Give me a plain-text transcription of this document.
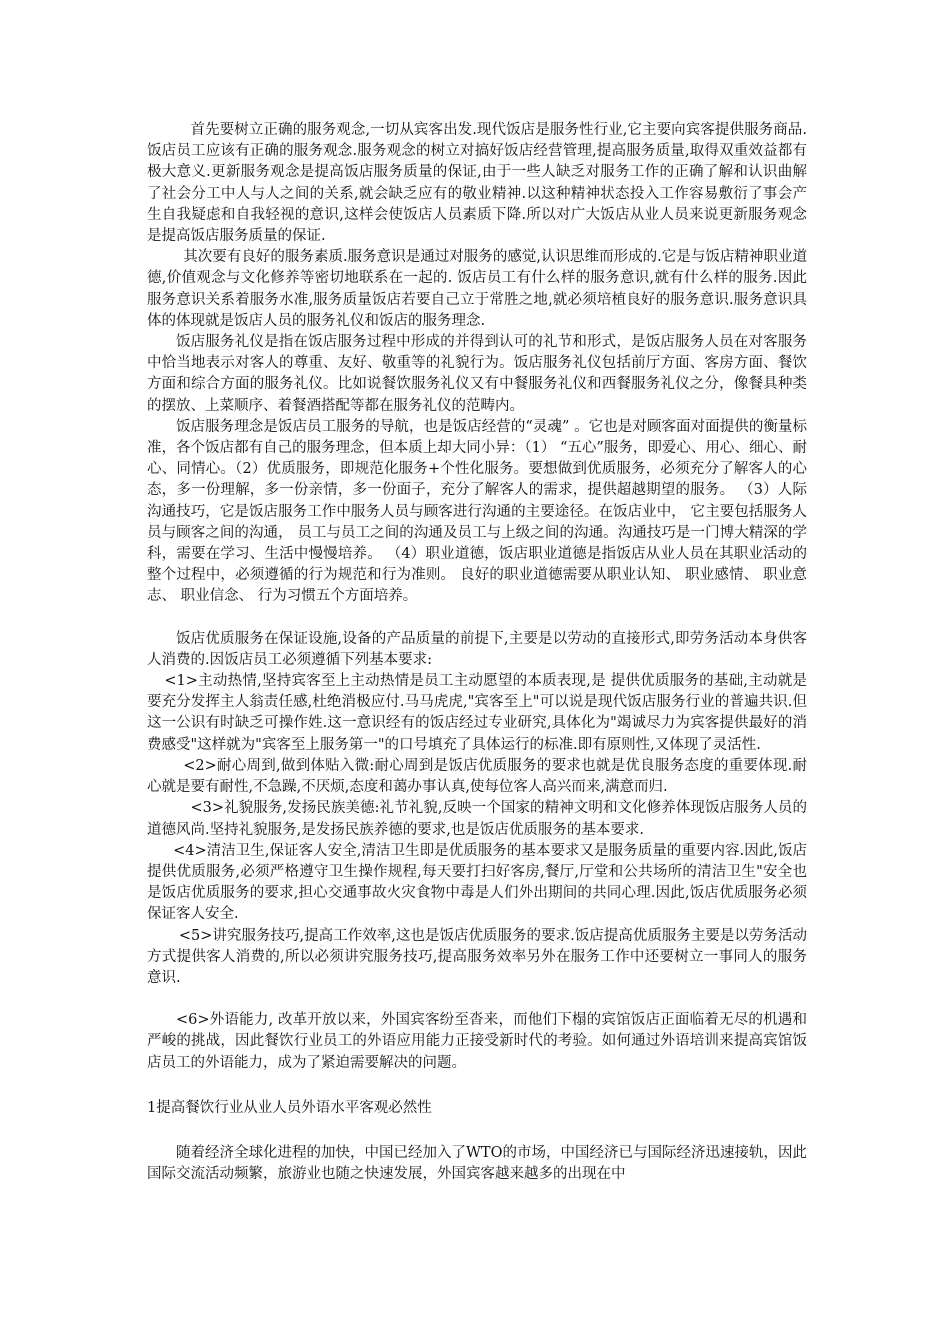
首先要树立正确的服务观念,一切从宾客出发.现代饭店是服务性行业,它主要向宾客提供服务商品.饭店员工应该有正确的服务观念.服务观念的树立对搞好饭店经营管理,提高服务质量,取得双重效益都有极大意义.更新服务观念是提高饭店服务质量的保证,由于一些人缺乏对服务工作的正确了解和认识曲解了社会分工中人与人之间的关系,就会缺乏应有的敬业精神.以这种精神状态投入工作容易敷衍了事会产生自我疑虑和自我轻视的意识,这样会使饭店人员素质下降.所以对广大饭店从业人员来说更新服务观念是提高饭店服务质量的保证.

其次要有良好的服务素质.服务意识是通过对服务的感觉,认识思维而形成的.它是与饭店精神职业道德,价值观念与文化修养等密切地联系在一起的. 饭店员工有什么样的服务意识,就有什么样的服务.因此服务意识关系着服务水准,服务质量饭店若要自己立于常胜之地,就必须培植良好的服务意识.服务意识具体的体现就是饭店人员的服务礼仪和饭店的服务理念.

饭店服务礼仪是指在饭店服务过程中形成的并得到认可的礼节和形式，是饭店服务人员在对客服务中恰当地表示对客人的尊重、友好、敬重等的礼貌行为。饭店服务礼仪包括前厅方面、客房方面、餐饮方面和综合方面的服务礼仪。比如说餐饮服务礼仪又有中餐服务礼仪和西餐服务礼仪之分，像餐具种类的摆放、上菜顺序、着餐酒搭配等都在服务礼仪的范畴内。

饭店服务理念是饭店员工服务的导航，也是饭店经营的“灵魂” 。它也是对顾客面对面提供的衡量标准，各个饭店都有自己的服务理念，但本质上却大同小异：（1） “五心”服务，即爱心、用心、细心、耐心、同情心。（2）优质服务，即规范化服务+个性化服务。要想做到优质服务，必须充分了解客人的心态，多一份理解，多一份亲情，多一份面子，充分了解客人的需求，提供超越期望的服务。 （3）人际沟通技巧，它是饭店服务工作中服务人员与顾客进行沟通的主要途径。在饭店业中， 它主要包括服务人员与顾客之间的沟通， 员工与员工之间的沟通及员工与上级之间的沟通。沟通技巧是一门博大精深的学科，需要在学习、生活中慢慢培养。 （4）职业道德，饭店职业道德是指饭店从业人员在其职业活动的整个过程中，必须遵循的行为规范和行为准则。 良好的职业道德需要从职业认知、 职业感情、 职业意志、 职业信念、 行为习惯五个方面培养。

饭店优质服务在保证设施,设备的产品质量的前提下,主要是以劳动的直接形式,即劳务活动本身供客人消费的.因饭店员工必须遵循下列基本要求:

<1>主动热情,坚持宾客至上主动热情是员工主动愿望的本质表现,是 提供优质服务的基础,主动就是要充分发挥主人翁责任感,杜绝消极应付.马马虎虎,"宾客至上"可以说是现代饭店服务行业的普遍共识.但这一公识有时缺乏可操作姓.这一意识经有的饭店经过专业研究,具体化为"竭诚尽力为宾客提供最好的消费感受"这样就为"宾客至上服务第一"的口号填充了具体运行的标准.即有原则性,又体现了灵活性.

<2>耐心周到,做到体贴入微:耐心周到是饭店优质服务的要求也就是优良服务态度的重要体现.耐心就是要有耐性,不急躁,不厌烦,态度和蔼办事认真,使每位客人高兴而来,满意而归.

<3>礼貌服务,发扬民族美德:礼节礼貌,反映一个国家的精神文明和文化修养体现饭店服务人员的道德风尚.坚持礼貌服务,是发扬民族养德的要求,也是饭店优质服务的基本要求.

<4>清洁卫生,保证客人安全,清洁卫生即是优质服务的基本要求又是服务质量的重要内容.因此,饭店提供优质服务,必须严格遵守卫生操作规程,每天要打扫好客房,餐厅,厅堂和公共场所的清洁卫生"安全也是饭店优质服务的要求,担心交通事故火灾食物中毒是人们外出期间的共同心理.因此,饭店优质服务必须保证客人安全.

<5>讲究服务技巧,提高工作效率,这也是饭店优质服务的要求.饭店提高优质服务主要是以劳务活动方式提供客人消费的,所以必须讲究服务技巧,提高服务效率另外在服务工作中还要树立一事同人的服务意识.

<6>外语能力, 改革开放以来，外国宾客纷至沓来，而他们下榻的宾馆饭店正面临着无尽的机遇和严峻的挑战，因此餐饮行业员工的外语应用能力正接受新时代的考验。如何通过外语培训来提高宾馆饭店员工的外语能力，成为了紧迫需要解决的问题。

1提高餐饮行业从业人员外语水平客观必然性

随着经济全球化进程的加快，中国已经加入了WTO的市场，中国经济已与国际经济迅速接轨，因此国际交流活动频繁，旅游业也随之快速发展，外国宾客越来越多的出现在中
